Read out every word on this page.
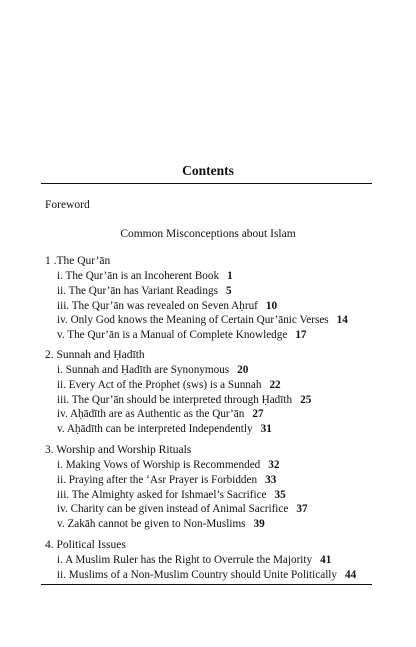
Contents
Foreword
Common Misconceptions about Islam
1 .The Qur’ān
i. The Qur’ān is an Incoherent Book 1
ii. The Qur’ān has Variant Readings 5
iii. The Qur’ān was revealed on Seven Aḥruf 10
iv. Only God knows the Meaning of Certain Qur’ānic Verses 14
v. The Qur’ān is a Manual of Complete Knowledge 17
2. Sunnah and Ḥadīth
i. Sunnah and Ḥadīth are Synonymous 20
ii. Every Act of the Prophet (sws) is a Sunnah 22
iii. The Qur’ān should be interpreted through Ḥadīth 25
iv. Aḥādīth are as Authentic as the Qur’ān 27
v. Aḥādīth can be interpreted Independently 31
3. Worship and Worship Rituals
i. Making Vows of Worship is Recommended 32
ii. Praying after the ‘Asr Prayer is Forbidden 33
iii. The Almighty asked for Ishmael’s Sacrifice 35
iv. Charity can be given instead of Animal Sacrifice 37
v. Zakāh cannot be given to Non-Muslims 39
4. Political Issues
i. A Muslim Ruler has the Right to Overrule the Majority 41
ii. Muslims of a Non-Muslim Country should Unite Politically 44
